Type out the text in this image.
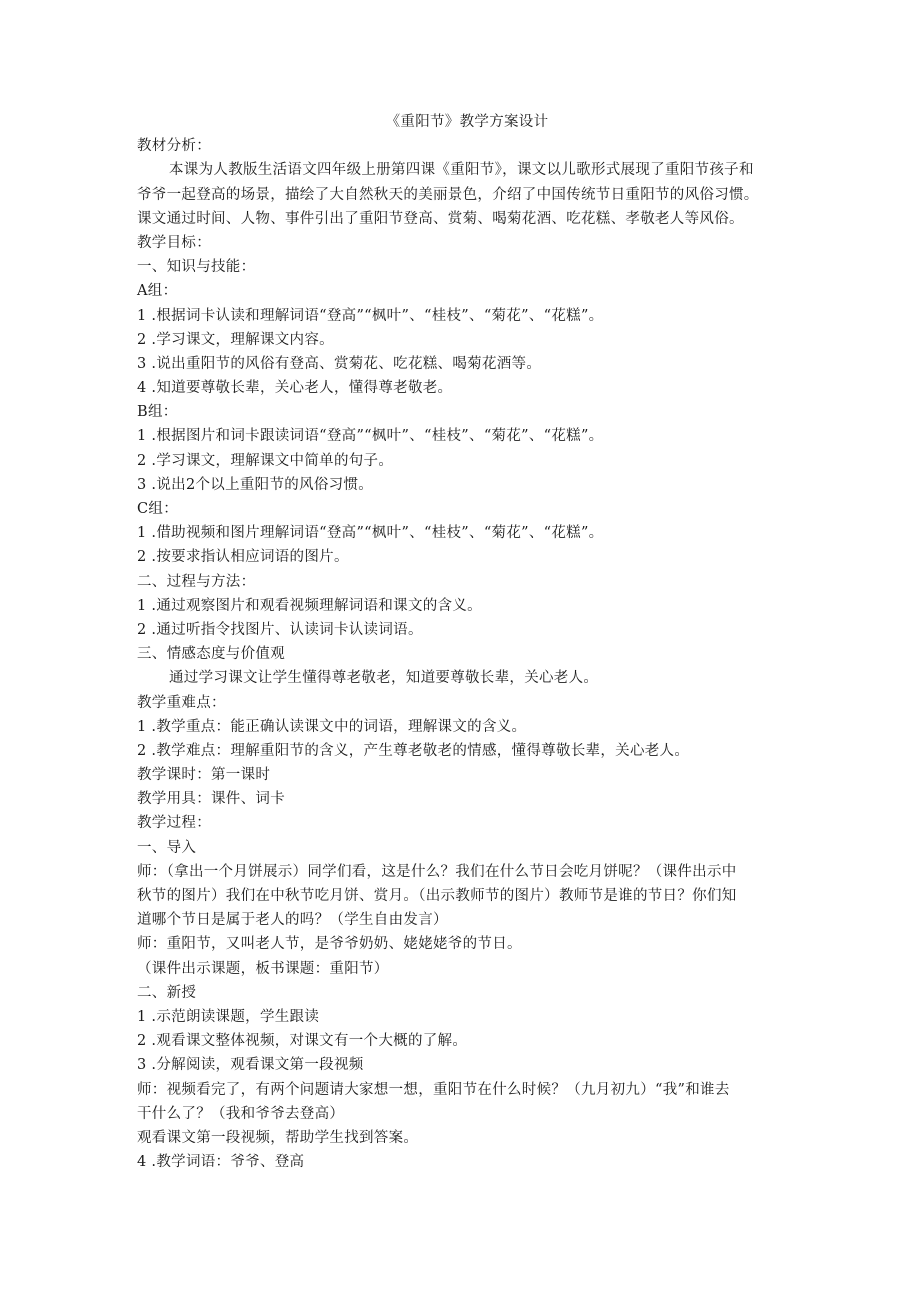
《重阳节》教学方案设计
教材分析：
本课为人教版生活语文四年级上册第四课《重阳节》，课文以儿歌形式展现了重阳节孩子和
爷爷一起登高的场景，描绘了大自然秋天的美丽景色，介绍了中国传统节日重阳节的风俗习惯。
课文通过时间、人物、事件引出了重阳节登高、赏菊、喝菊花酒、吃花糕、孝敬老人等风俗。
教学目标：
一、知识与技能：
A组：
1 .根据词卡认读和理解词语“登高”“枫叶”、“桂枝”、“菊花”、“花糕”。
2 .学习课文，理解课文内容。
3 .说出重阳节的风俗有登高、赏菊花、吃花糕、喝菊花酒等。
4 .知道要尊敬长辈，关心老人，懂得尊老敬老。
B组：
1 .根据图片和词卡跟读词语“登高”“枫叶”、“桂枝”、“菊花”、“花糕”。
2 .学习课文，理解课文中简单的句子。
3 .说出2个以上重阳节的风俗习惯。
C组：
1 .借助视频和图片理解词语“登高”“枫叶”、“桂枝”、“菊花”、“花糕”。
2 .按要求指认相应词语的图片。
二、过程与方法：
1 .通过观察图片和观看视频理解词语和课文的含义。
2 .通过听指令找图片、认读词卡认读词语。
三、情感态度与价值观
通过学习课文让学生懂得尊老敬老，知道要尊敬长辈，关心老人。
教学重难点：
1 .教学重点：能正确认读课文中的词语，理解课文的含义。
2 .教学难点：理解重阳节的含义，产生尊老敬老的情感，懂得尊敬长辈，关心老人。
教学课时：第一课时
教学用具：课件、词卡
教学过程：
一、导入
师：（拿出一个月饼展示）同学们看，这是什么？我们在什么节日会吃月饼呢？（课件出示中
秋节的图片）我们在中秋节吃月饼、赏月。（出示教师节的图片）教师节是谁的节日？你们知
道哪个节日是属于老人的吗？（学生自由发言）
师：重阳节，又叫老人节，是爷爷奶奶、姥姥姥爷的节日。
（课件出示课题，板书课题：重阳节）
二、新授
1 .示范朗读课题，学生跟读
2 .观看课文整体视频，对课文有一个大概的了解。
3 .分解阅读，观看课文第一段视频
师：视频看完了，有两个问题请大家想一想，重阳节在什么时候？（九月初九）“我”和谁去
干什么了？（我和爷爷去登高）
观看课文第一段视频，帮助学生找到答案。
4 .教学词语：爷爷、登高
